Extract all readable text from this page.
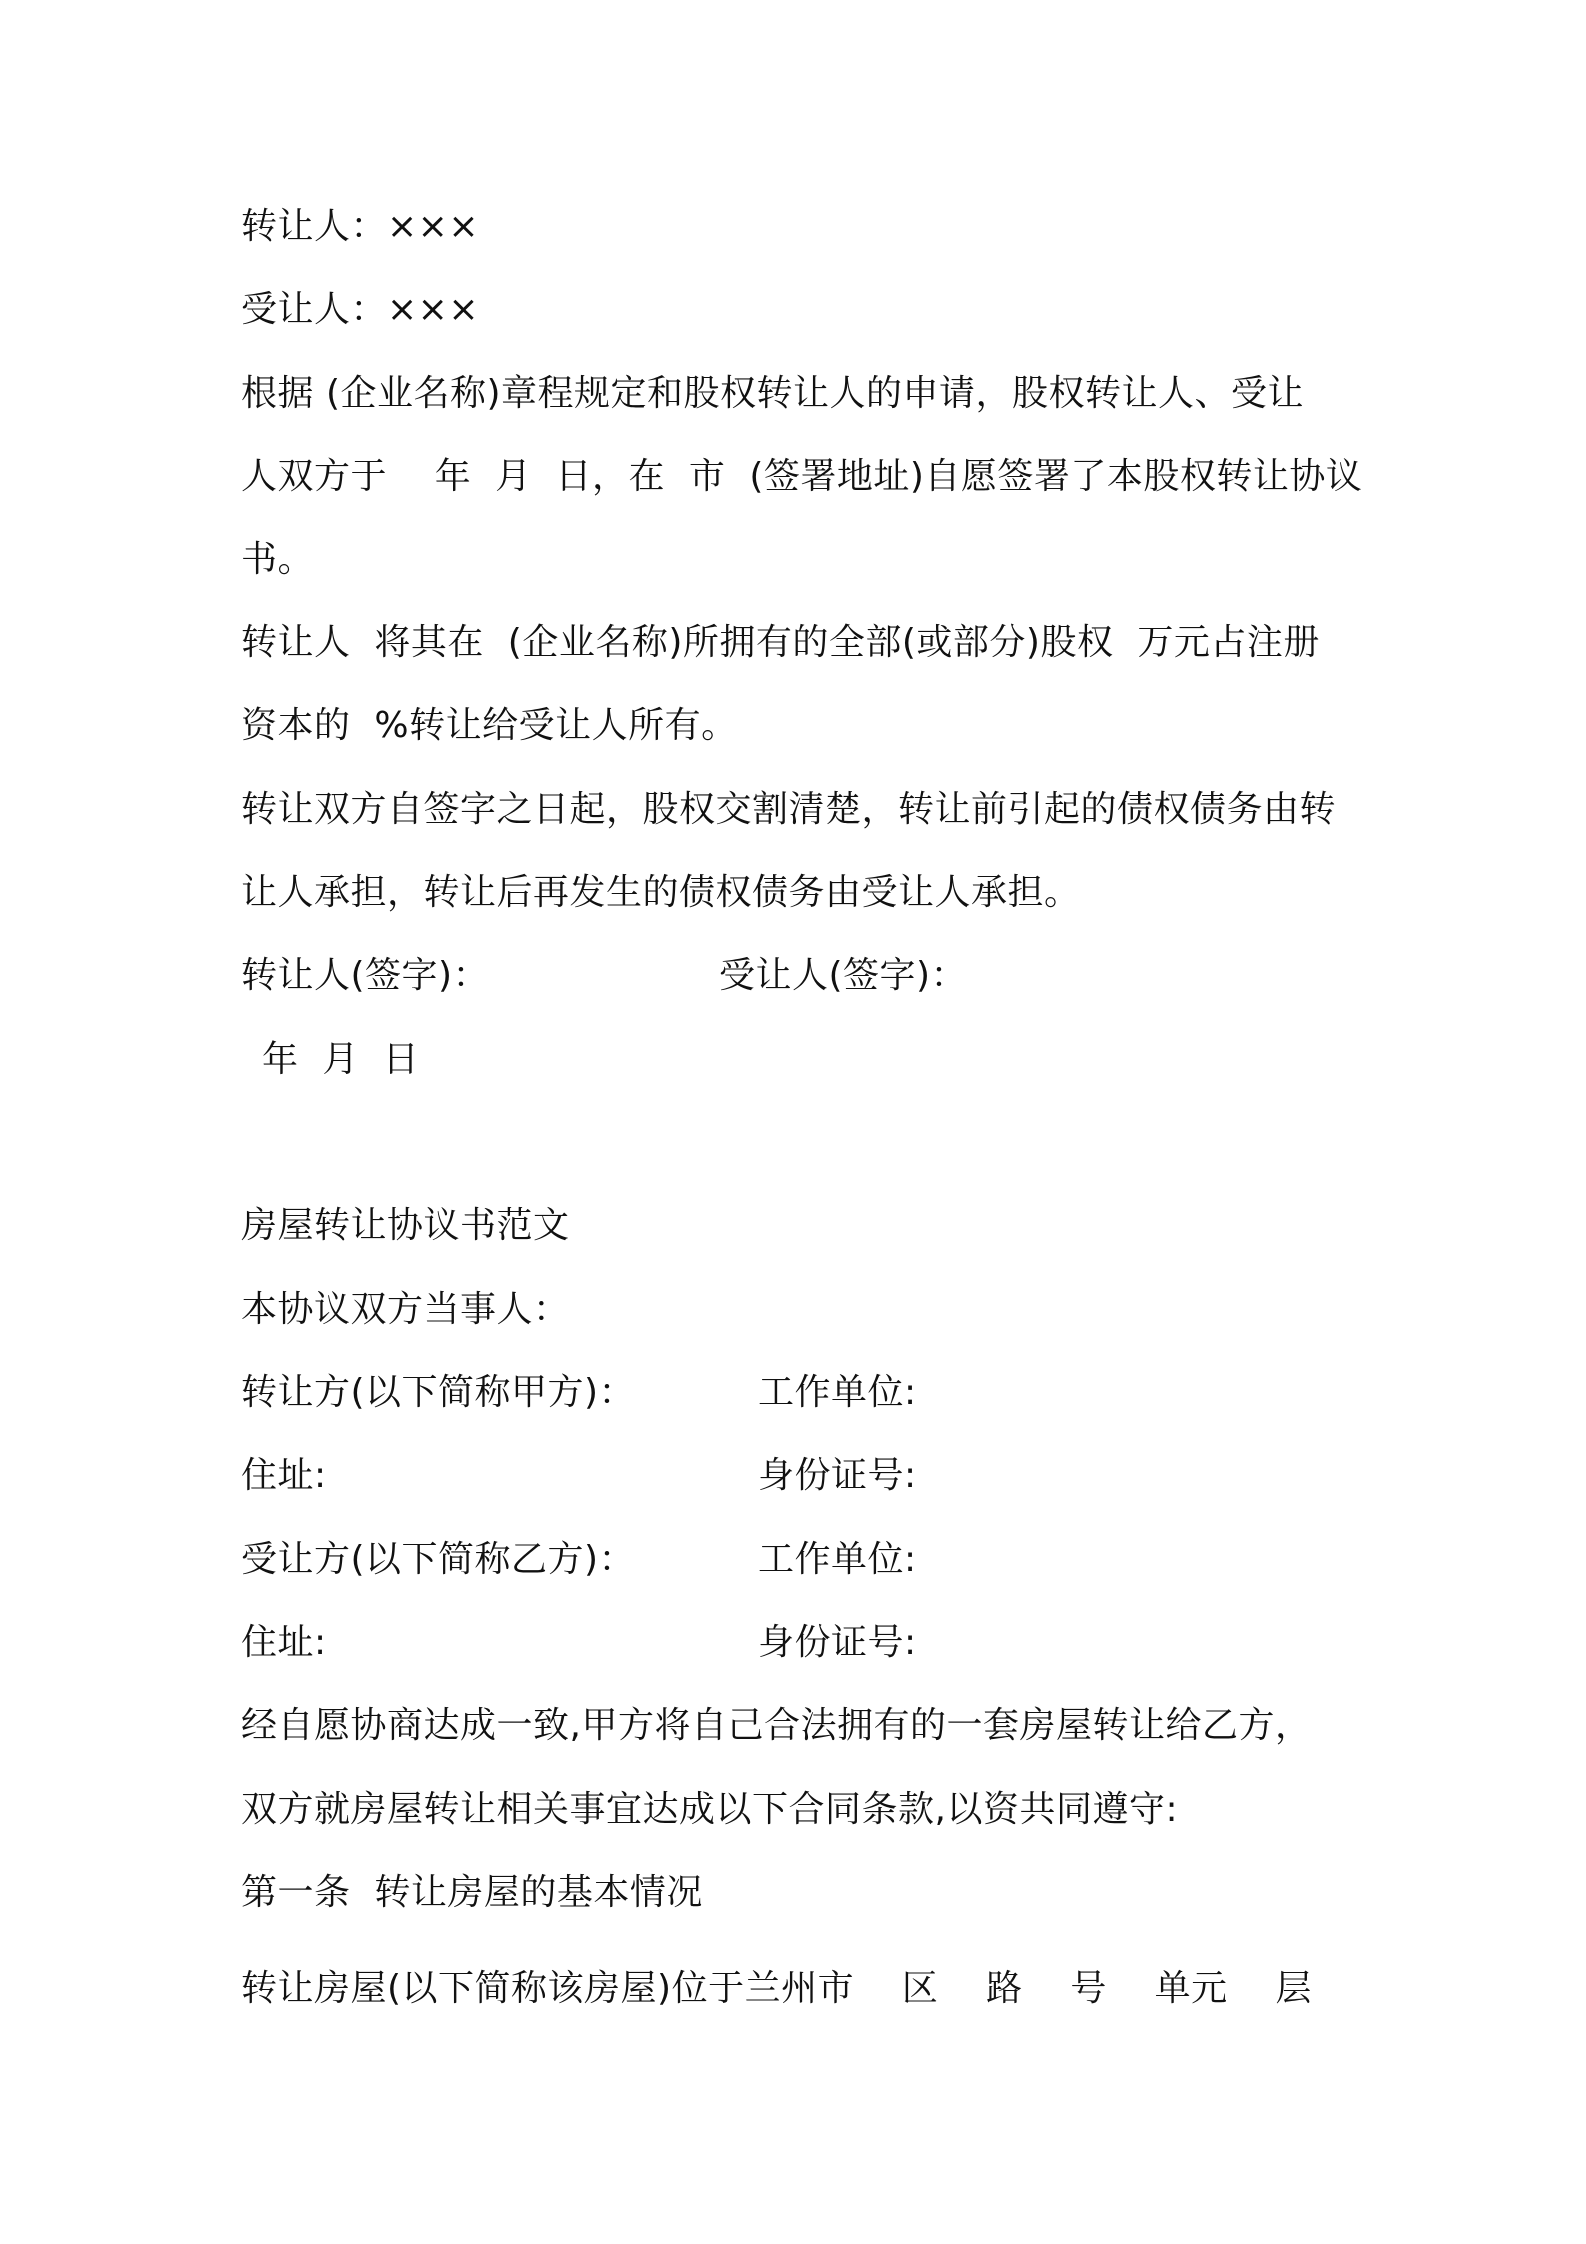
转让人：×××
受让人：×××
根据 (企业名称)章程规定和股权转让人的申请，股权转让人、受让
人双方于    年  月  日，在  市  (签署地址)自愿签署了本股权转让协议
书。
转让人  将其在  (企业名称)所拥有的全部(或部分)股权  万元占注册
资本的  %转让给受让人所有。
转让双方自签字之日起，股权交割清楚，转让前引起的债权债务由转
让人承担，转让后再发生的债权债务由受让人承担。
转让人(签字)：	受让人(签字)：
年  月  日
房屋转让协议书范文
本协议双方当事人：
转让方(以下简称甲方)：	工作单位:
住址:	身份证号:
受让方(以下简称乙方)：	工作单位:
住址:	身份证号:
经自愿协商达成一致,甲方将自己合法拥有的一套房屋转让给乙方，
双方就房屋转让相关事宜达成以下合同条款,以资共同遵守:
第一条  转让房屋的基本情况
转让房屋(以下简称该房屋)位于兰州市    区    路    号    单元    层
